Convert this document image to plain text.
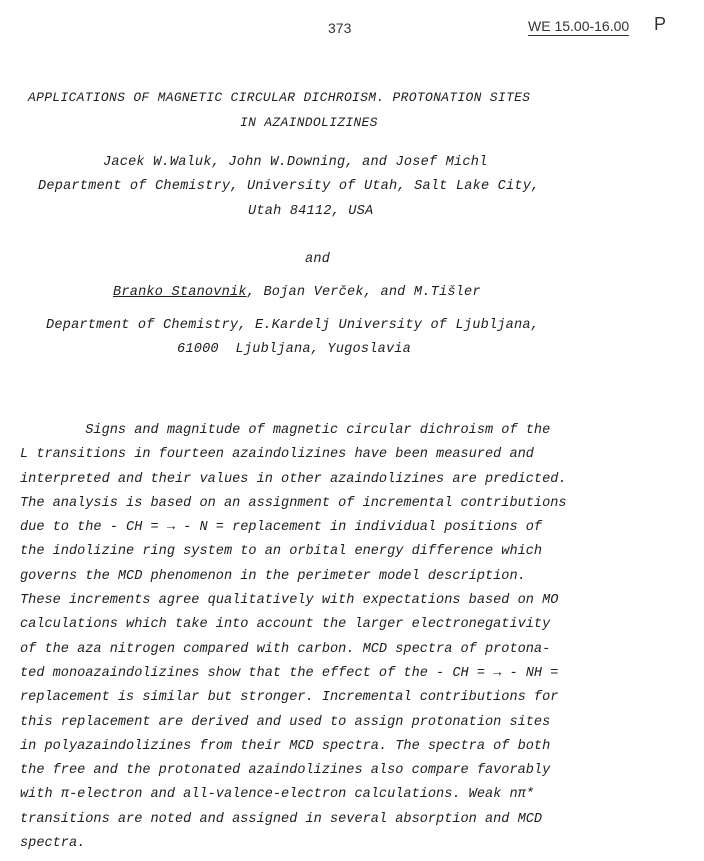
373	WE 15.00-16.00 P
APPLICATIONS OF MAGNETIC CIRCULAR DICHROISM. PROTONATION SITES
IN AZAINDOLIZINES
Jacek W.Waluk, John W.Downing, and Josef Michl
Department of Chemistry, University of Utah, Salt Lake City,
Utah 84112, USA
and
Branko Stanovnik, Bojan Verček, and M.Tišler
Department of Chemistry, E.Kardelj University of Ljubljana,
61000  Ljubljana, Yugoslavia
Signs and magnitude of magnetic circular dichroism of the
L transitions in fourteen azaindolizines have been measured and
interpreted and their values in other azaindolizines are predicted.
The analysis is based on an assignment of incremental contributions
due to the - CH = → - N = replacement in individual positions of
the indolizine ring system to an orbital energy difference which
governs the MCD phenomenon in the perimeter model description.
These increments agree qualitatively with expectations based on MO
calculations which take into account the larger electronegativity
of the aza nitrogen compared with carbon. MCD spectra of protona-
ted monoazaindolizines show that the effect of the - CH = → - NH =
replacement is similar but stronger. Incremental contributions for
this replacement are derived and used to assign protonation sites
in polyazaindolizines from their MCD spectra. The spectra of both
the free and the protonated azaindolizines also compare favorably
with π-electron and all-valence-electron calculations. Weak nπ*
transitions are noted and assigned in several absorption and MCD
spectra.
